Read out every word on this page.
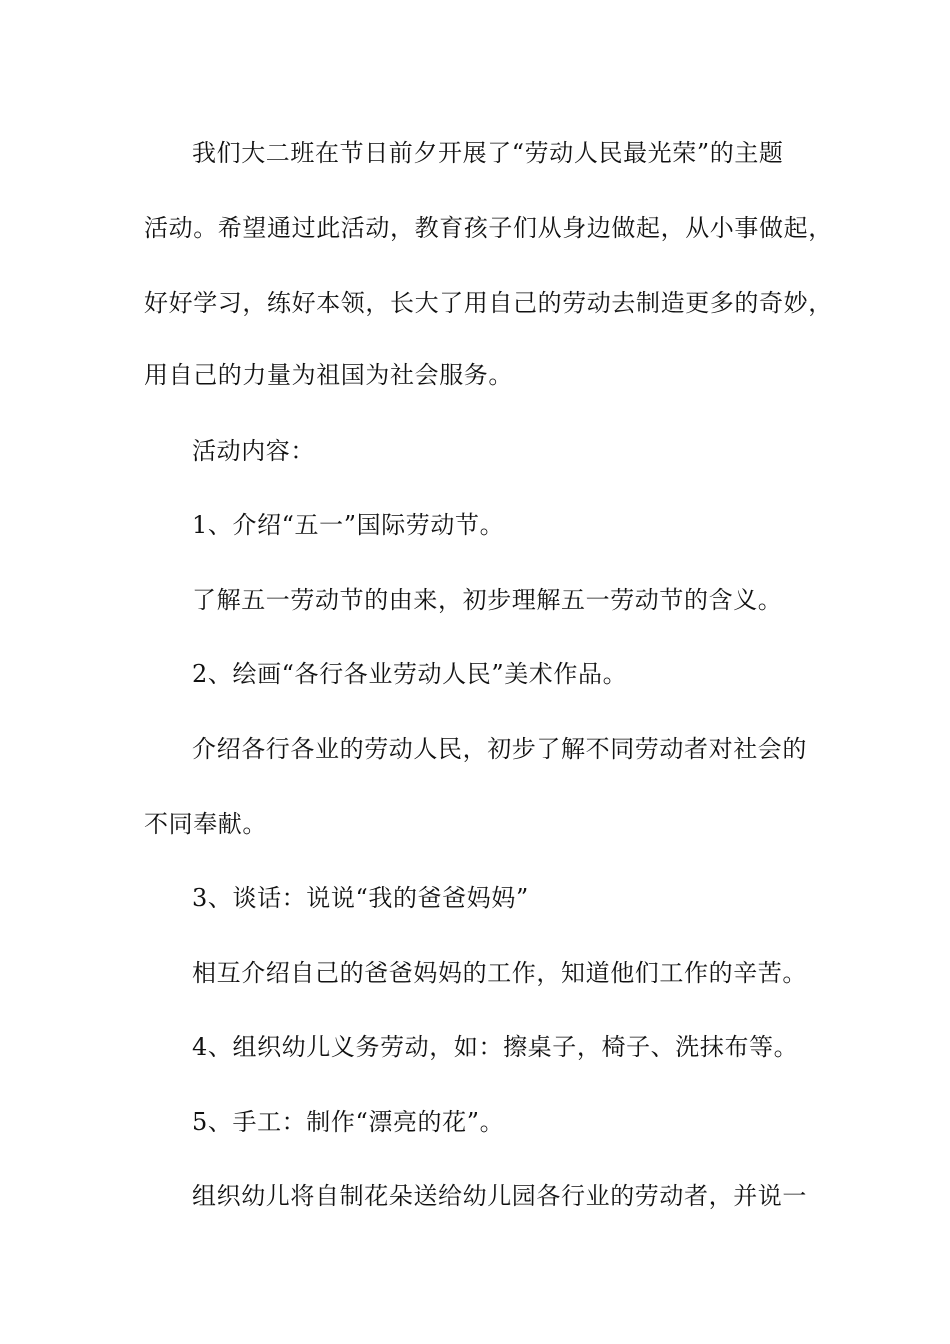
我们大二班在节日前夕开展了“劳动人民最光荣”的主题
活动。希望通过此活动，教育孩子们从身边做起，从小事做起，
好好学习，练好本领，长大了用自己的劳动去制造更多的奇妙，
用自己的力量为祖国为社会服务。
活动内容：
1、介绍“五一”国际劳动节。
了解五一劳动节的由来，初步理解五一劳动节的含义。
2、绘画“各行各业劳动人民”美术作品。
介绍各行各业的劳动人民，初步了解不同劳动者对社会的
不同奉献。
3、谈话：说说“我的爸爸妈妈”
相互介绍自己的爸爸妈妈的工作，知道他们工作的辛苦。
4、组织幼儿义务劳动，如：擦桌子，椅子、洗抹布等。
5、手工：制作“漂亮的花”。
组织幼儿将自制花朵送给幼儿园各行业的劳动者，并说一
